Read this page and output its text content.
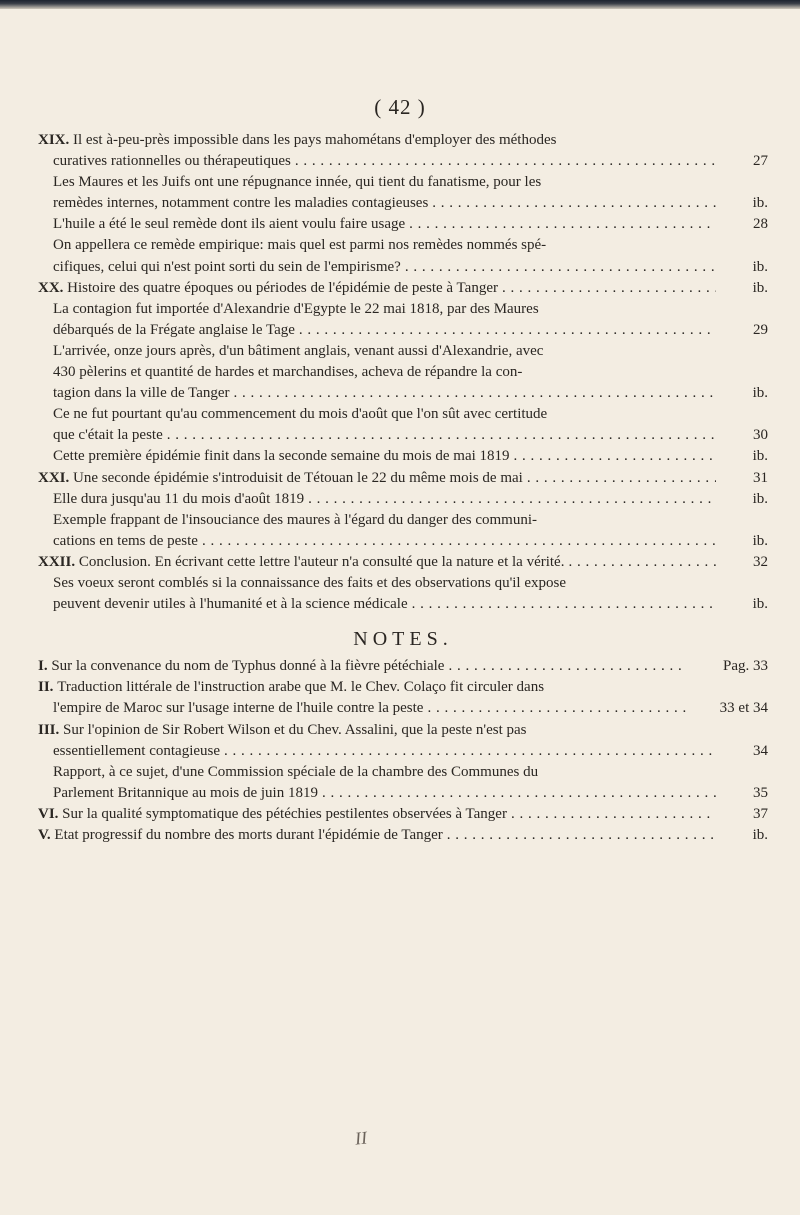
( 42 )
XIX.
Il est à-peu-près impossible dans les pays mahométans d'employer des méthodes
curatives rationnelles ou thérapeutiques . . .	27
Les Maures et les Juifs ont une répugnance innée, qui tient du fanatisme, pour les
remèdes internes, notamment contre les maladies contagieuses . . .	ib.
L'huile a été le seul remède dont ils aient voulu faire usage . . .	28
On appellera ce remède empirique: mais quel est parmi nos remèdes nommés spé-
cifiques, celui qui n'est point sorti du sein de l'empirisme? . . .	ib.
XX.
Histoire des quatre époques ou périodes de l'épidémie de peste à Tanger . . .	ib.
La contagion fut importée d'Alexandrie d'Egypte le 22 mai 1818, par des Maures
débarqués de la Frégate anglaise le Tage . . .	29
L'arrivée, onze jours après, d'un bâtiment anglais, venant aussi d'Alexandrie, avec
430 pèlerins et quantité de hardes et marchandises, acheva de répandre la con-
tagion dans la ville de Tanger . . .	ib.
Ce ne fut pourtant qu'au commencement du mois d'août que l'on sût avec certitude
que c'était la peste . . .	30
Cette première épidémie finit dans la seconde semaine du mois de mai 1819 . . .	ib.
XXI.
Une seconde épidémie s'introduisit de Tétouan le 22 du même mois de mai . . .	31
Elle dura jusqu'au 11 du mois d'août 1819 . . .	ib.
Exemple frappant de l'insouciance des maures à l'égard du danger des communi-
cations en tems de peste . . .	ib.
XXII.
Conclusion. En écrivant cette lettre l'auteur n'a consulté que la nature et la vérité. . . .	32
Ses voeux seront comblés si la connaissance des faits et des observations qu'il expose
peuvent devenir utiles à l'humanité et à la science médicale . . .	ib.
NOTES.
I.
Sur la convenance du nom de Typhus donné à la fièvre pétéchiale . . .	Pag. 33
II.
Traduction littérale de l'instruction arabe que M. le Chev. Colaço fit circuler dans
l'empire de Maroc sur l'usage interne de l'huile contre la peste . . .	33 et 34
III.
Sur l'opinion de Sir Robert Wilson et du Chev. Assalini, que la peste n'est pas
essentiellement contagieuse . . .	34
Rapport, à ce sujet, d'une Commission spéciale de la chambre des Communes du
Parlement Britannique au mois de juin 1819 . . .	35
VI.
Sur la qualité symptomatique des pétéchies pestilentes observées à Tanger . . .	37
V.
Etat progressif du nombre des morts durant l'épidémie de Tanger . . .	ib.
II
